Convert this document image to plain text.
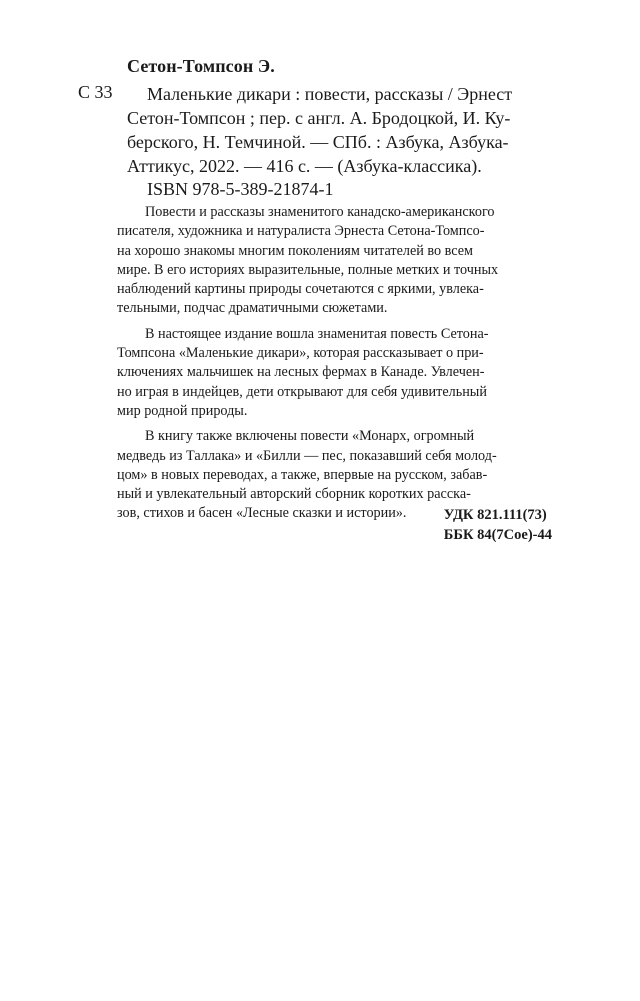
Сетон-Томпсон Э.
С 33 Маленькие дикари : повести, рассказы / Эрнест
Сетон-Томпсон ; пер. с англ. А. Бродоцкой, И. Ку-
берского, Н. Темчиной. — СПб. : Азбука, Азбука-
Аттикус, 2022. — 416 с. — (Азбука-классика).
ISBN 978-5-389-21874-1
Повести и рассказы знаменитого канадско-американского
писателя, художника и натуралиста Эрнеста Сетона-Томпсо-
на хорошо знакомы многим поколениям читателей во всем
мире. В его историях выразительные, полные метких и точных
наблюдений картины природы сочетаются с яркими, увлека-
тельными, подчас драматичными сюжетами.
В настоящее издание вошла знаменитая повесть Сетона-
Томпсона «Маленькие дикари», которая рассказывает о при-
ключениях мальчишек на лесных фермах в Канаде. Увлечен-
но играя в индейцев, дети открывают для себя удивительный
мир родной природы.
В книгу также включены повести «Монарх, огромный
медведь из Таллака» и «Билли — пес, показавший себя молод-
цом» в новых переводах, а также, впервые на русском, забав-
ный и увлекательный авторский сборник коротких расска-
зов, стихов и басен «Лесные сказки и истории».	УДК 821.111(73)
ББК 84(7Сое)-44
